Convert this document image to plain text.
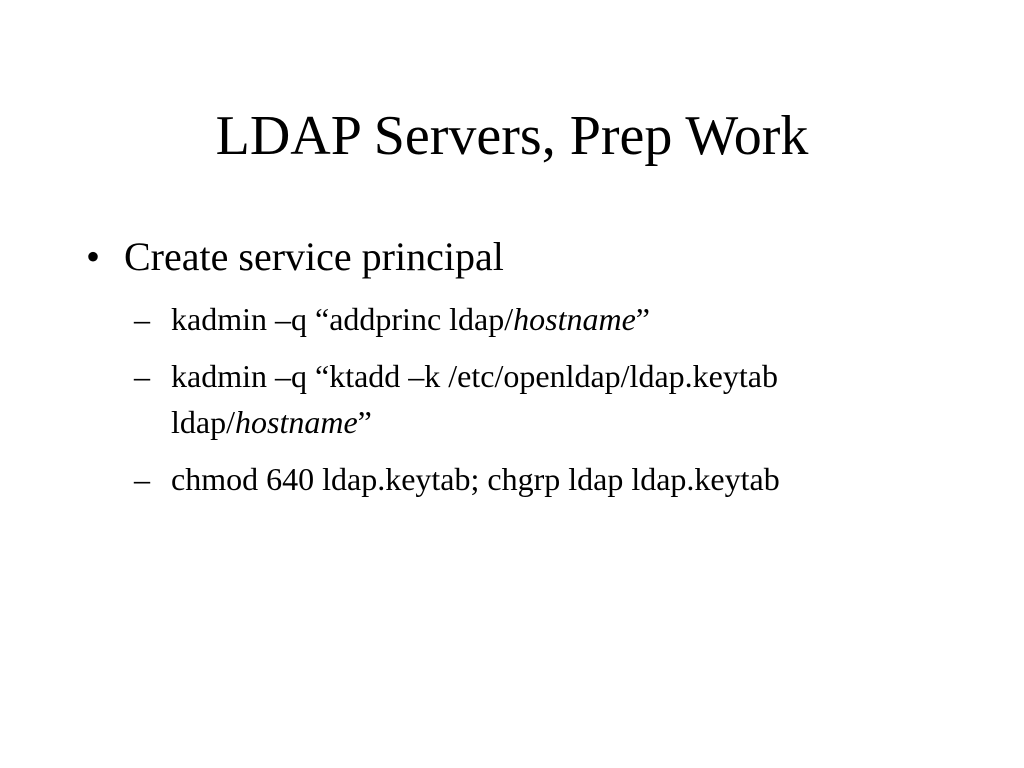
LDAP Servers, Prep Work
• Create service principal
– kadmin –q “addprinc ldap/hostname”
– kadmin –q “ktadd –k /etc/openldap/ldap.keytab ldap/hostname”
– chmod 640 ldap.keytab; chgrp ldap ldap.keytab
